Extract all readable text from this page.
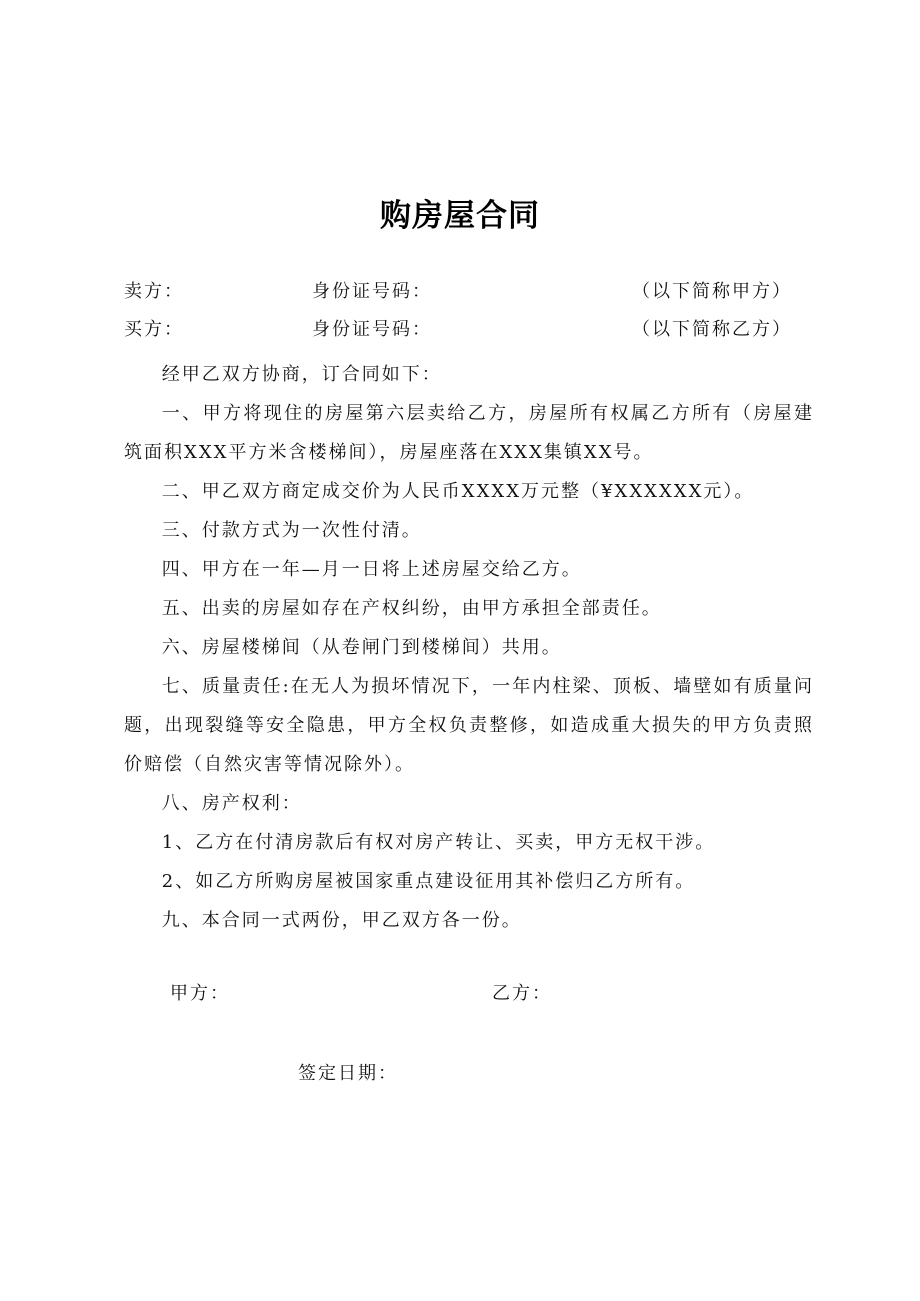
购房屋合同
卖方：	身份证号码：	（以下简称甲方）
买方：	身份证号码：	（以下简称乙方）

经甲乙双方协商，订合同如下：

一、甲方将现住的房屋第六层卖给乙方，房屋所有权属乙方所有（房屋建筑面积XXX平方米含楼梯间），房屋座落在XXX集镇XX号。

二、甲乙双方商定成交价为人民币XXXX万元整（¥XXXXXX元）。

三、付款方式为一次性付清。

四、甲方在一年—月一日将上述房屋交给乙方。

五、出卖的房屋如存在产权纠纷，由甲方承担全部责任。

六、房屋楼梯间（从卷闸门到楼梯间）共用。

七、质量责任:在无人为损坏情况下，一年内柱梁、顶板、墙壁如有质量问题，出现裂缝等安全隐患，甲方全权负责整修，如造成重大损失的甲方负责照价赔偿（自然灾害等情况除外）。

八、房产权利：

1、乙方在付清房款后有权对房产转让、买卖，甲方无权干涉。

2、如乙方所购房屋被国家重点建设征用其补偿归乙方所有。

九、本合同一式两份，甲乙双方各一份。

甲方：	乙方：
签定日期：
